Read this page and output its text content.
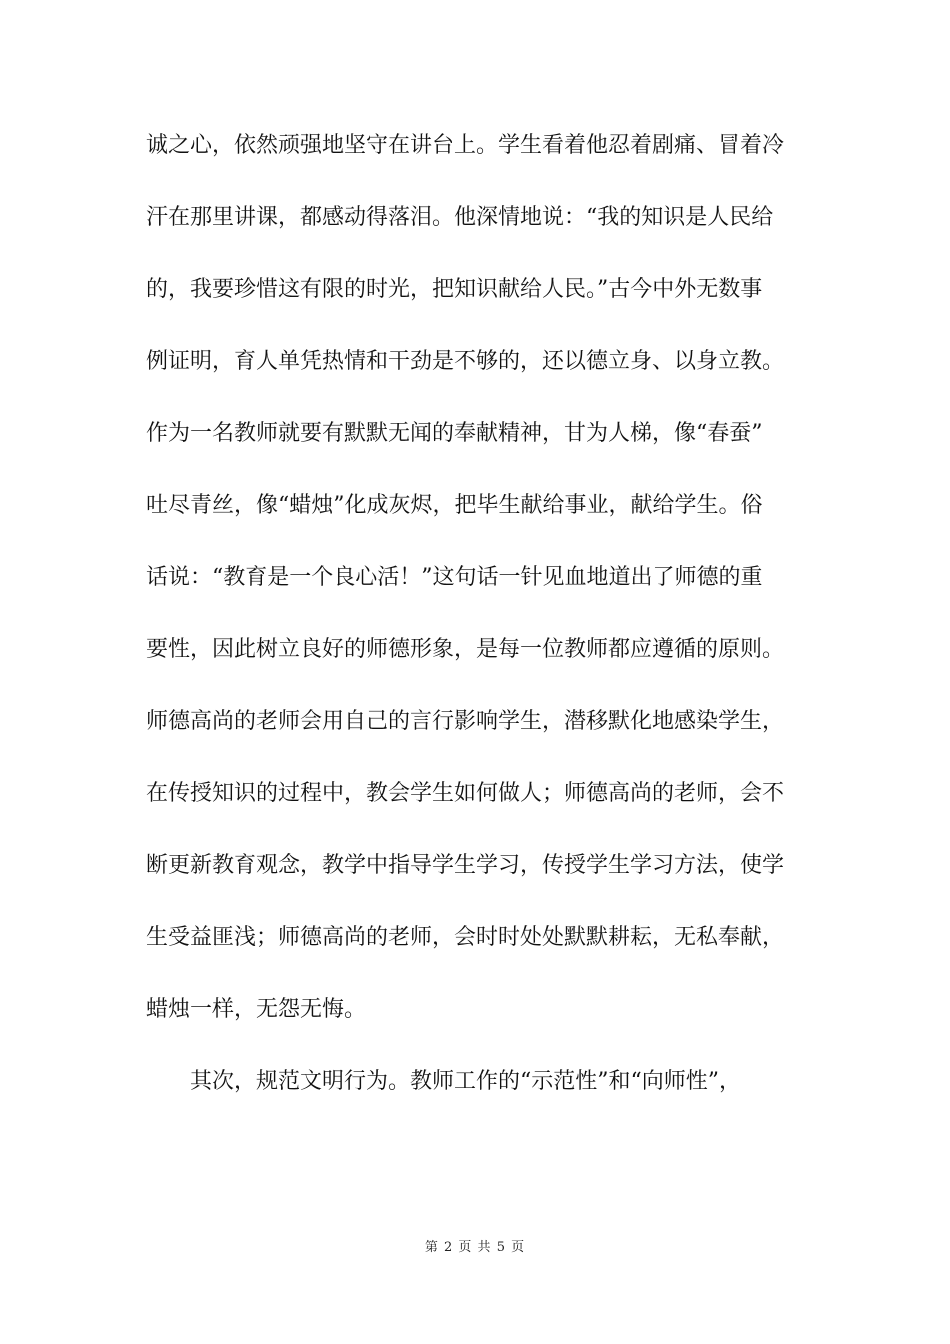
诚之心，依然顽强地坚守在讲台上。学生看着他忍着剧痛、冒着冷
汗在那里讲课，都感动得落泪。他深情地说：“我的知识是人民给
的，我要珍惜这有限的时光，把知识献给人民。”古今中外无数事
例证明，育人单凭热情和干劲是不够的，还以德立身、以身立教。
作为一名教师就要有默默无闻的奉献精神，甘为人梯，像“春蚕”
吐尽青丝，像“蜡烛”化成灰烬，把毕生献给事业，献给学生。俗
话说：“教育是一个良心活！”这句话一针见血地道出了师德的重
要性，因此树立良好的师德形象，是每一位教师都应遵循的原则。
师德高尚的老师会用自己的言行影响学生，潜移默化地感染学生，
在传授知识的过程中，教会学生如何做人；师德高尚的老师，会不
断更新教育观念，教学中指导学生学习，传授学生学习方法，使学
生受益匪浅；师德高尚的老师，会时时处处默默耕耘，无私奉献，
蜡烛一样，无怨无悔。
其次，规范文明行为。教师工作的“示范性”和“向师性”，
第 2 页 共 5 页
